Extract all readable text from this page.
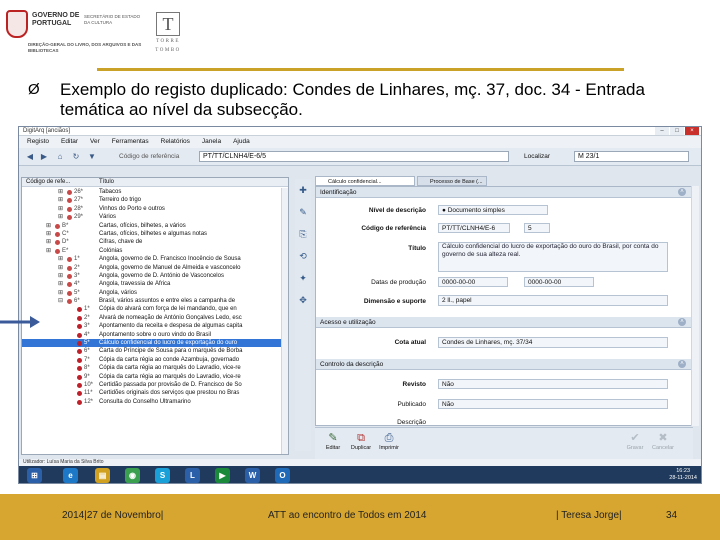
GOVERNO DE
PORTUGAL
SECRETÁRIO DE ESTADO DA CULTURA
DIREÇÃO-GERAL DO LIVRO, DOS ARQUIVOS E DAS BIBLIOTECAS
T
TORRE
TOMBO
Ø Exemplo do registo duplicado: Condes de Linhares, mç. 37, doc. 34 - Entrada temática ao nível da subsecção.
DigitArq [anciãos]	–	□	×
Registo Editar Ver Ferramentas Relatórios Janela Ajuda
◀ ▶	⌂	↻ ▼	Código de referência	PT/TT/CLNH4/E-6/5	Localizar	M 23/1
Código de refe...	Título
⊞ 26*	Tabacos
⊞ 27*	Terreiro do trigo
⊞ 28*	Vinhos do Porto e outros
⊞ 29*	Vários
⊞ B*	Cartas, ofícios, bilhetes, a vários
⊞ C*	Cartas, ofícios, bilhetes e algumas notas
⊞ D*	Cifras, chave de
⊞ E*	Colónias
⊞ 1*	Angola, governo de D. Francisco Inocêncio de Sousa
⊞ 2*	Angola, governo de Manuel de Almeida e vasconcelo
⊞ 3*	Angola, governo de D. António de Vasconcelos
⊞ 4*	Angola, travessia de África
⊞ 5*	Angola, vários
⊟ 6*	Brasil, vários assuntos e entre eles a campanha de
1* Cópia do alvará com força de lei mandando, que en
2* Alvará de nomeação de António Gonçalves Ledo, esc
3* Apontamento da receita e despesa de algumas capita
4* Apontamento sobre o ouro vindo do Brasil
5* Cálculo confidencial do lucro de exportação do ouro
6* Carta do Príncipe de Sousa para o marquês de Borba
7* Cópia da carta régia ao conde Azambuja, governado
8* Cópia da carta régia ao marquês do Lavradio, vice-re
9* Cópia da carta régia ao marquês do Lavradio, vice-re
10* Certidão passada por provisão de D. Francisco de So
11* Certidões originais dos serviços que prestou no Bras
12* Consulta do Conselho Ultramarino
✚
✎
⎘
⟲
✦
✥
Cálculo confidencial...	Processo de Base (...
Identificação	˄
Nível de descrição	● Documento simples
Código de referência	PT/TT/CLNH4/E-6	5
Título	Cálculo confidencial do lucro de exportação do ouro do Brasil, por conta do governo de sua alteza real.
Datas de produção	0000-00-00	0000-00-00
Dimensão e suporte	2 ll., papel
Acesso e utilização	˄
Cota atual	Condes de Linhares, mç. 37/34
Controlo da descrição	˄
Revisto	Não
Publicado	Não
Descrição
✎
Editar
⧉
Duplicar
⎙
Imprimir
✔
Gravar
✖
Cancelar
Utilizador: Luísa Maria da Silva Brito
⊞	e	▤	◉	S	L	▶	W	O	16:23
28-11-2014
2014|27 de Novembro|	ATT ao encontro de Todos em 2014	| Teresa Jorge|	34
